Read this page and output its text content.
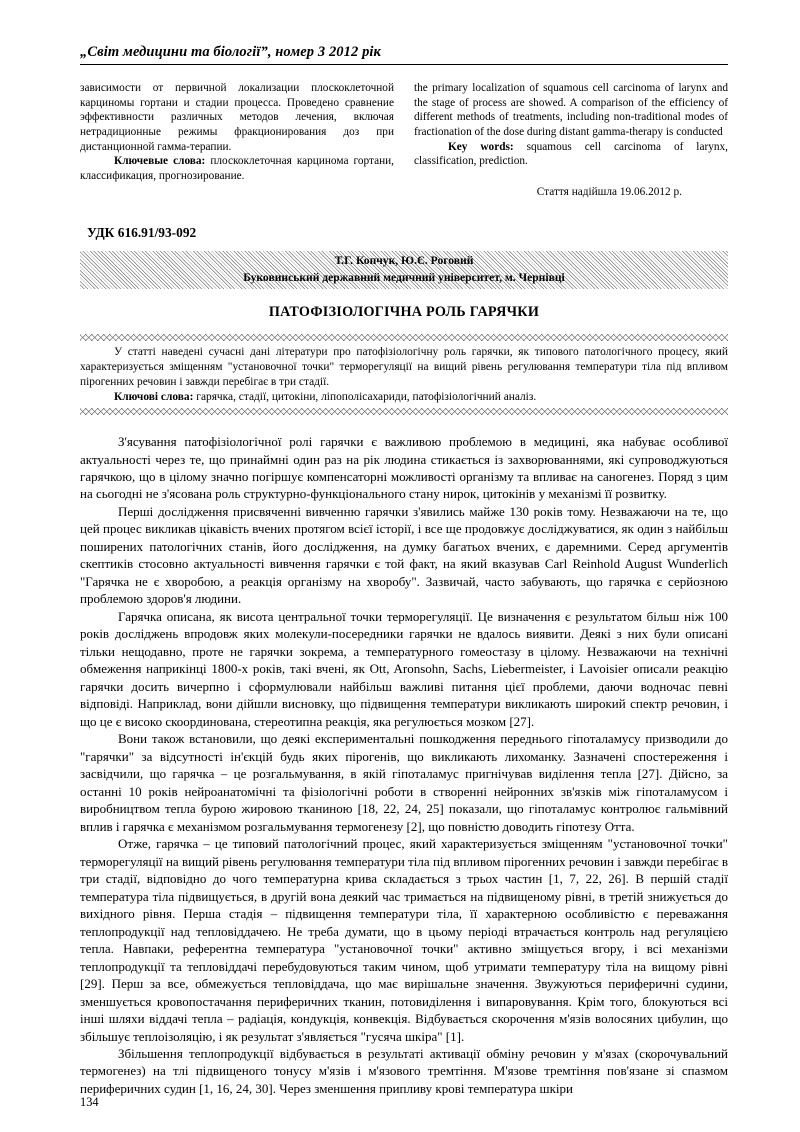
„Світ медицини та біології”, номер 3 2012 рік

зависимости от первичной локализации плоскоклеточной карциномы гортани и стадии процесса. Проведено сравнение эффективности различных методов лечения, включая нетрадиционные режимы фракционирования доз при дистанционной гамма-терапии.

Ключевые слова: плоскоклеточная карцинома гортани, классификация, прогнозирование.

the primary localization of squamous cell carcinoma of larynx and the stage of process are showed. A comparison of the efficiency of different methods of treatments, including non-traditional modes of fractionation of the dose during distant gamma-therapy is conducted

Key words: squamous cell carcinoma of larynx, classification, prediction.

Стаття надійшла 19.06.2012 р.
УДК 616.91/93-092
Т.Г. Копчук, Ю.Є. Роговий
Буковинський державний медичний університет, м. Чернівці
ПАТОФІЗІОЛОГІЧНА РОЛЬ ГАРЯЧКИ

У статті наведені сучасні дані літератури про патофізіологічну роль гарячки, як типового патологічного процесу, який характеризується зміщенням "установочної точки" терморегуляції на вищий рівень регулювання температури тіла під впливом пірогенних речовин і завжди перебігає в три стадії.

Ключові слова: гарячка, стадії, цитокіни, ліпополісахариди, патофізіологічний аналіз.

З'ясування патофізіологічної ролі гарячки є важливою проблемою в медицині, яка набуває особливої актуальності через те, що принаймні один раз на рік людина стикається із захворюваннями, які супроводжуються гарячкою, що в цілому значно погіршує компенсаторні можливості організму та впливає на саногенез. Поряд з цим на сьогодні не з'ясована роль структурно-функціонального стану нирок, цитокінів у механізмі її розвитку.

Перші дослідження присвяченні вивченню гарячки з'явились майже 130 років тому. Незважаючи на те, що цей процес викликав цікавість вчених протягом всієї історії, і все ще продовжує досліджуватися, як один з найбільш поширених патологічних станів, його дослідження, на думку багатьох вчених, є даремними. Серед аргументів скептиків стосовно актуальності вивчення гарячки є той факт, на який вказував Carl Reinhold August Wunderlich "Гарячка не є хворобою, а реакція організму на хворобу". Зазвичай, часто забувають, що гарячка є серйозною проблемою здоров'я людини.

Гарячка описана, як висота центральної точки терморегуляції. Це визначення є результатом більш ніж 100 років досліджень впродовж яких молекули-посередники гарячки не вдалось виявити. Деякі з них були описані тільки нещодавно, проте не гарячки зокрема, а температурного гомеостазу в цілому. Незважаючи на технічні обмеження наприкінці 1800-х років, такі вчені, як Ott, Aronsohn, Sachs, Liebermeister, і Lavoisier описали реакцію гарячки досить вичерпно і сформулювали найбільш важливі питання цієї проблеми, даючи водночас певні відповіді. Наприклад, вони дійшли висновку, що підвищення температури викликають широкий спектр речовин, і що це є високо скоординована, стереотипна реакція, яка регулюється мозком [27].

Вони також встановили, що деякі експериментальні пошкодження переднього гіпоталамусу призводили до "гарячки" за відсутності ін'єкцій будь яких пірогенів, що викликають лихоманку. Зазначені спостереження і засвідчили, що гарячка – це розгальмування, в якій гіпоталамус пригнічував виділення тепла [27]. Дійсно, за останні 10 років нейроанатомічні та фізіологічні роботи в створенні нейронних зв'язків між гіпоталамусом і виробництвом тепла бурою жировою тканиною [18, 22, 24, 25] показали, що гіпоталамус контролює гальмівний вплив і гарячка є механізмом розгальмування термогенезу [2], що повністю доводить гіпотезу Отта.

Отже, гарячка – це типовий патологічний процес, який характеризується зміщенням "установочної точки" терморегуляції на вищий рівень регулювання температури тіла під впливом пірогенних речовин і завжди перебігає в три стадії, відповідно до чого температурна крива складається з трьох частин [1, 7, 22, 26]. В першій стадії температура тіла підвищується, в другій вона деякий час тримається на підвищеному рівні, в третій знижується до вихідного рівня. Перша стадія – підвищення температури тіла, її характерною особливістю є переважання теплопродукції над тепловіддачею. Не треба думати, що в цьому періоді втрачається контроль над регуляцією тепла. Навпаки, референтна температура "установочної точки" активно зміщується вгору, і всі механізми теплопродукції та тепловіддачі перебудовуються таким чином, щоб утримати температуру тіла на вищому рівні [29]. Перш за все, обмежується тепловіддача, що має вирішальне значення. Звужуються периферичні судини, зменшується кровопостачання периферичних тканин, потовиділення і випаровування. Крім того, блокуються всі інші шляхи віддачі тепла – радіація, кондукція, конвекція. Відбувається скорочення м'язів волосяних цибулин, що збільшує теплоізоляцію, і як результат з'являється "гусяча шкіра" [1].

Збільшення теплопродукції відбувається в результаті активації обміну речовин у м'язах (скорочувальний термогенез) на тлі підвищеного тонусу м'язів і м'язового тремтіння. М'язове тремтіння пов'язане зі спазмом периферичних судин [1, 16, 24, 30]. Через зменшення припливу крові температура шкіри

134
